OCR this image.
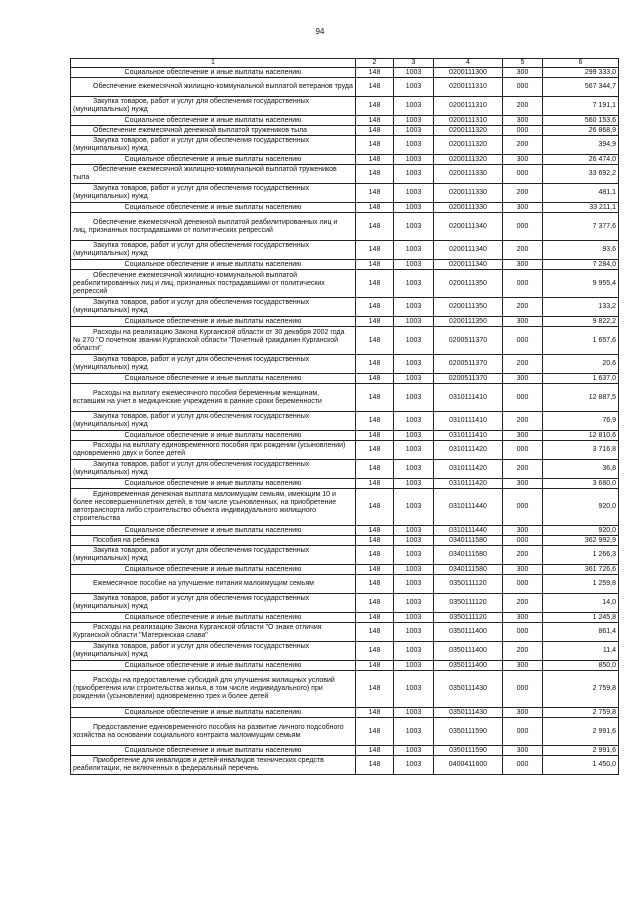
94
1	2	3	4	5	6
Социальное обеспечение и иные выплаты населению	148	1003	0200111300	300	299 333,0
Обеспечение ежемесячной жилищно-коммунальной выплатой ветеранов труда	148	1003	0200111310	000	567 344,7
Закупка товаров, работ и услуг для обеспечения государственных (муниципальных) нужд	148	1003	0200111310	200	7 191,1
Социальное обеспечение и иные выплаты населению	148	1003	0200111310	300	560 153,6
Обеспечение ежемесячной денежной выплатой тружеников тыла	148	1003	0200111320	000	26 868,9
Закупка товаров, работ и услуг для обеспечения государственных (муниципальных) нужд	148	1003	0200111320	200	394,9
Социальное обеспечение и иные выплаты населению	148	1003	0200111320	300	26 474,0
Обеспечение ежемесячной жилищно-коммунальной выплатой тружеников тыла	148	1003	0200111330	000	33 692,2
Закупка товаров, работ и услуг для обеспечения государственных (муниципальных) нужд	148	1003	0200111330	200	481,1
Социальное обеспечение и иные выплаты населению	148	1003	0200111330	300	33 211,1
Обеспечение ежемесячной денежной выплатой реабилитированных лиц и лиц, признанных пострадавшими от политических репрессий	148	1003	0200111340	000	7 377,6
Закупка товаров, работ и услуг для обеспечения государственных (муниципальных) нужд	148	1003	0200111340	200	93,6
Социальное обеспечение и иные выплаты населению	148	1003	0200111340	300	7 284,0
Обеспечение ежемесячной жилищно-коммунальной выплатой реабилитированных лиц и лиц, признанных пострадавшими от политических репрессий	148	1003	0200111350	000	9 955,4
Закупка товаров, работ и услуг для обеспечения государственных (муниципальных) нужд	148	1003	0200111350	200	133,2
Социальное обеспечение и иные выплаты населению	148	1003	0200111350	300	9 822,2
Расходы на реализацию Закона Курганской области от 30 декабря 2002 года № 270 "О почетном звании Курганской области "Почетный гражданин Курганской области"	148	1003	0200511370	000	1 657,6
Закупка товаров, работ и услуг для обеспечения государственных (муниципальных) нужд	148	1003	0200511370	200	20,6
Социальное обеспечение и иные выплаты населению	148	1003	0200511370	300	1 637,0
Расходы на выплату ежемесячного пособия беременным женщинам, вставшим на учет в медицинские учреждения в ранние сроки беременности	148	1003	0310111410	000	12 887,5
Закупка товаров, работ и услуг для обеспечения государственных (муниципальных) нужд	148	1003	0310111410	200	76,9
Социальное обеспечение и иные выплаты населению	148	1003	0310111410	300	12 810,6
Расходы на выплату единовременного пособия при рождении (усыновлении) одновременно двух и более детей	148	1003	0310111420	000	3 716,8
Закупка товаров, работ и услуг для обеспечения государственных (муниципальных) нужд	148	1003	0310111420	200	36,8
Социальное обеспечение и иные выплаты населению	148	1003	0310111420	300	3 680,0
Единовременная денежная выплата малоимущим семьям, имеющим 10 и более несовершеннолетних детей, в том числе усыновленных, на приобретение автотранспорта либо строительство объекта индивидуального жилищного строительства	148	1003	0310111440	000	920,0
Социальное обеспечение и иные выплаты населению	148	1003	0310111440	300	920,0
Пособия на ребенка	148	1003	0340111580	000	362 992,9
Закупка товаров, работ и услуг для обеспечения государственных (муниципальных) нужд	148	1003	0340111580	200	1 266,3
Социальное обеспечение и иные выплаты населению	148	1003	0340111580	300	361 726,6
Ежемесячное пособие на улучшение питания малоимущим семьям	148	1003	0350111120	000	1 259,8
Закупка товаров, работ и услуг для обеспечения государственных (муниципальных) нужд	148	1003	0350111120	200	14,0
Социальное обеспечение и иные выплаты населению	148	1003	0350111120	300	1 245,8
Расходы на реализацию Закона Курганской области "О знаке отличия Курганской области "Материнская слава"	148	1003	0350111400	000	861,4
Закупка товаров, работ и услуг для обеспечения государственных (муниципальных) нужд	148	1003	0350111400	200	11,4
Социальное обеспечение и иные выплаты населению	148	1003	0350111400	300	850,0
Расходы на предоставление субсидий для улучшения жилищных условий (приобретения или строительства жилья, в том числе индивидуального) при рождении (усыновлении) одновременно трех и более детей	148	1003	0350111430	000	2 759,8
Социальное обеспечение и иные выплаты населению	148	1003	0350111430	300	2 759,8
Предоставление единовременного пособия на развитие личного подсобного хозяйства на основании социального контракта малоимущим семьям	148	1003	0350111590	000	2 991,6
Социальное обеспечение и иные выплаты населению	148	1003	0350111590	300	2 991,6
Приобретение для инвалидов и детей-инвалидов технических средств реабилитации, не включенных в федеральный перечень	148	1003	0400411600	000	1 450,0
